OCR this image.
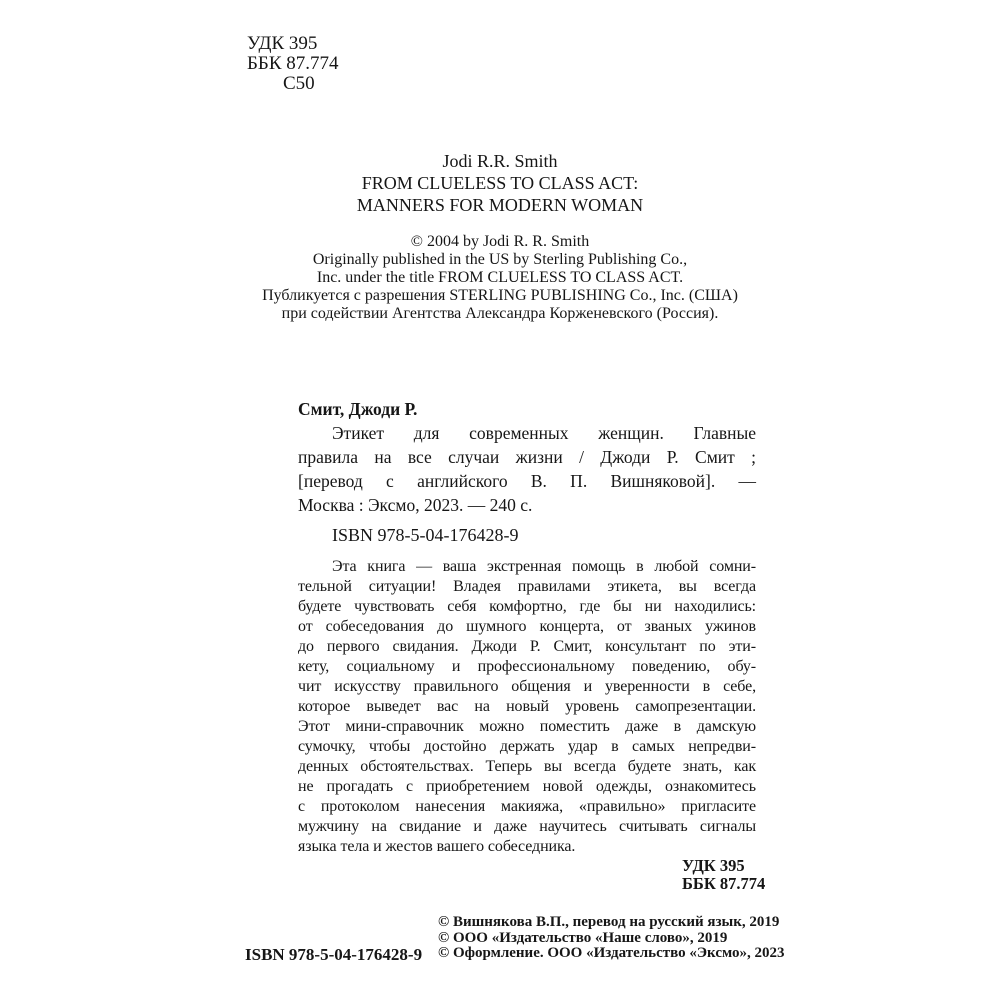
УДК 395
ББК 87.774
С50
Jodi R.R. Smith
FROM CLUELESS TO CLASS ACT:
MANNERS FOR MODERN WOMAN
© 2004 by Jodi R. R. Smith
Originally published in the US by Sterling Publishing Co.,
Inc. under the title FROM CLUELESS TO CLASS ACT.
Публикуется с разрешения STERLING PUBLISHING Co., Inc. (США)
при содействии Агентства Александра Корженевского (Россия).
Смит, Джоди Р.
Этикет для современных женщин. Главные
правила на все случаи жизни / Джоди Р. Смит ;
[перевод с английского В. П. Вишняковой]. —
Москва : Эксмо, 2023. — 240 с.
ISBN 978-5-04-176428-9
Эта книга — ваша экстренная помощь в любой сомни-
тельной ситуации! Владея правилами этикета, вы всегда
будете чувствовать себя комфортно, где бы ни находились:
от собеседования до шумного концерта, от званых ужинов
до первого свидания. Джоди Р. Смит, консультант по эти-
кету, социальному и профессиональному поведению, обу-
чит искусству правильного общения и уверенности в себе,
которое выведет вас на новый уровень самопрезентации.
Этот мини-справочник можно поместить даже в дамскую
сумочку, чтобы достойно держать удар в самых непредви-
денных обстоятельствах. Теперь вы всегда будете знать, как
не прогадать с приобретением новой одежды, ознакомитесь
с протоколом нанесения макияжа, «правильно» пригласите
мужчину на свидание и даже научитесь считывать сигналы
языка тела и жестов вашего собеседника.
УДК 395
ББК 87.774
ISBN 978-5-04-176428-9
© Вишнякова В.П., перевод на русский язык, 2019
© ООО «Издательство «Наше слово», 2019
© Оформление. ООО «Издательство «Эксмо», 2023
